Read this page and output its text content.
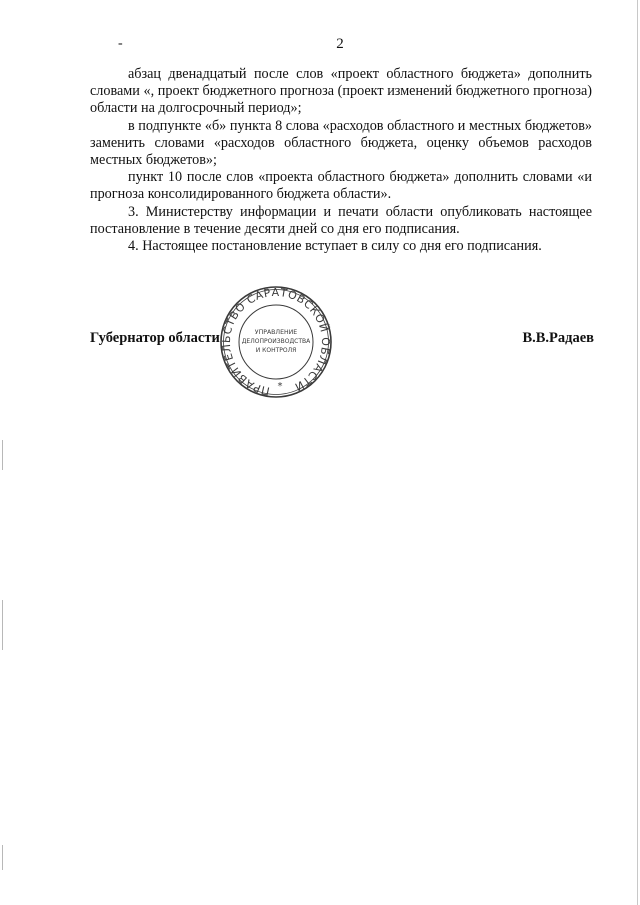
2
-

абзац двенадцатый после слов «проект областного бюджета» дополнить словами «, проект бюджетного прогноза (проект изменений бюджетного прогноза) области на долгосрочный период»;

в подпункте «б» пункта 8 слова «расходов областного и местных бюджетов» заменить словами «расходов областного бюджета, оценку объемов расходов местных бюджетов»;

пункт 10 после слов «проекта областного бюджета» дополнить словами «и прогноза консолидированного бюджета области».

3. Министерству информации и печати области опубликовать настоящее постановление в течение десяти дней со дня его подписания.

4. Настоящее постановление вступает в силу со дня его подписания.

Губернатор области	В.В.Радаев
ПРАВИТЕЛЬСТВО САРАТОВСКОЙ ОБЛАСТИ
УПРАВЛЕНИЕ
ДЕЛОПРОИЗВОДСТВА
И КОНТРОЛЯ
*
